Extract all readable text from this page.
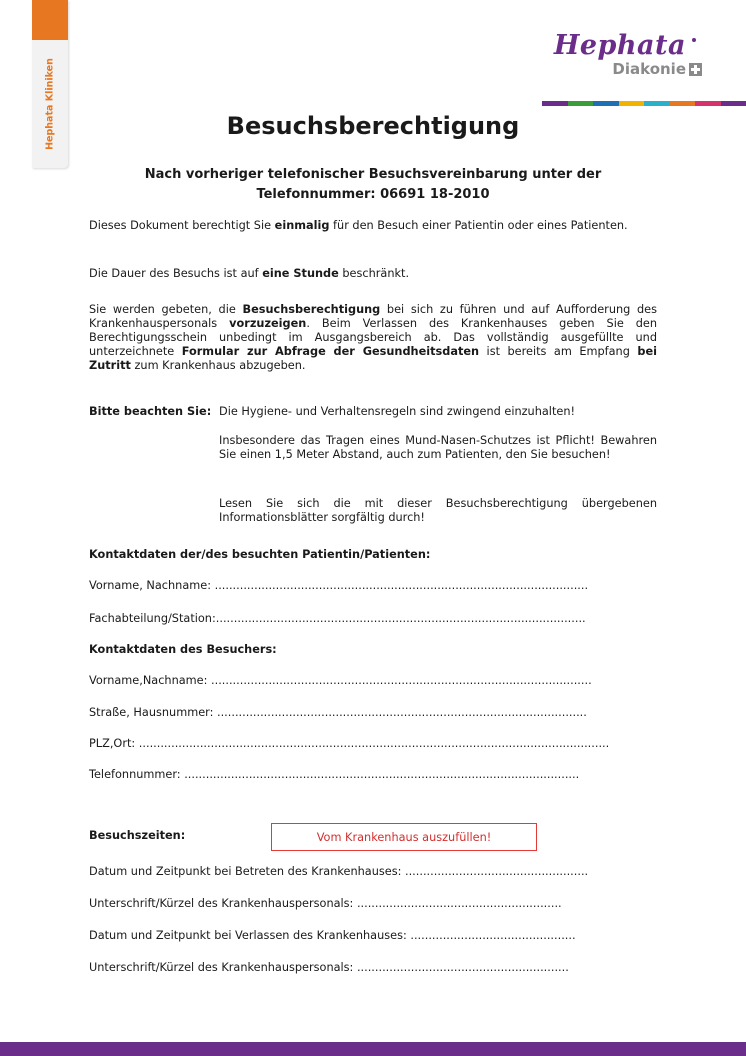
Hephata Kliniken
Hephata
Diakonie
Besuchsberechtigung

Nach vorheriger telefonischer Besuchsvereinbarung unter der
Telefonnummer: 06691 18-2010

Dieses Dokument berechtigt Sie einmalig für den Besuch einer Patientin oder eines Patienten.

Die Dauer des Besuchs ist auf eine Stunde beschränkt.

Sie werden gebeten, die Besuchsberechtigung bei sich zu führen und auf Aufforderung des Krankenhauspersonals vorzuzeigen. Beim Verlassen des Krankenhauses geben Sie den Berechtigungsschein unbedingt im Ausgangsbereich ab. Das vollständig ausgefüllte und unterzeichnete Formular zur Abfrage der Gesundheitsdaten ist bereits am Empfang bei Zutritt zum Krankenhaus abzugeben.

Bitte beachten Sie: Die Hygiene- und Verhaltensregeln sind zwingend einzuhalten!

Insbesondere das Tragen eines Mund-Nasen-Schutzes ist Pflicht! Bewahren Sie einen 1,5 Meter Abstand, auch zum Patienten, den Sie besuchen!

Lesen Sie sich die mit dieser Besuchsberechtigung übergebenen Informationsblätter sorgfältig durch!

Kontaktdaten der/des besuchten Patientin/Patienten:
Vorname, Nachname: ........................................................................................................
Fachabteilung/Station:.......................................................................................................
Kontaktdaten des Besuchers:
Vorname,Nachname: ..........................................................................................................
Straße, Hausnummer: .......................................................................................................
PLZ,Ort: ...................................................................................................................................
Telefonnummer: ..............................................................................................................
Besuchszeiten:	Vom Krankenhaus auszufüllen!
Datum und Zeitpunkt bei Betreten des Krankenhauses: ...................................................
Unterschrift/Kürzel des Krankenhauspersonals: .........................................................
Datum und Zeitpunkt bei Verlassen des Krankenhauses: ..............................................
Unterschrift/Kürzel des Krankenhauspersonals: ...........................................................
